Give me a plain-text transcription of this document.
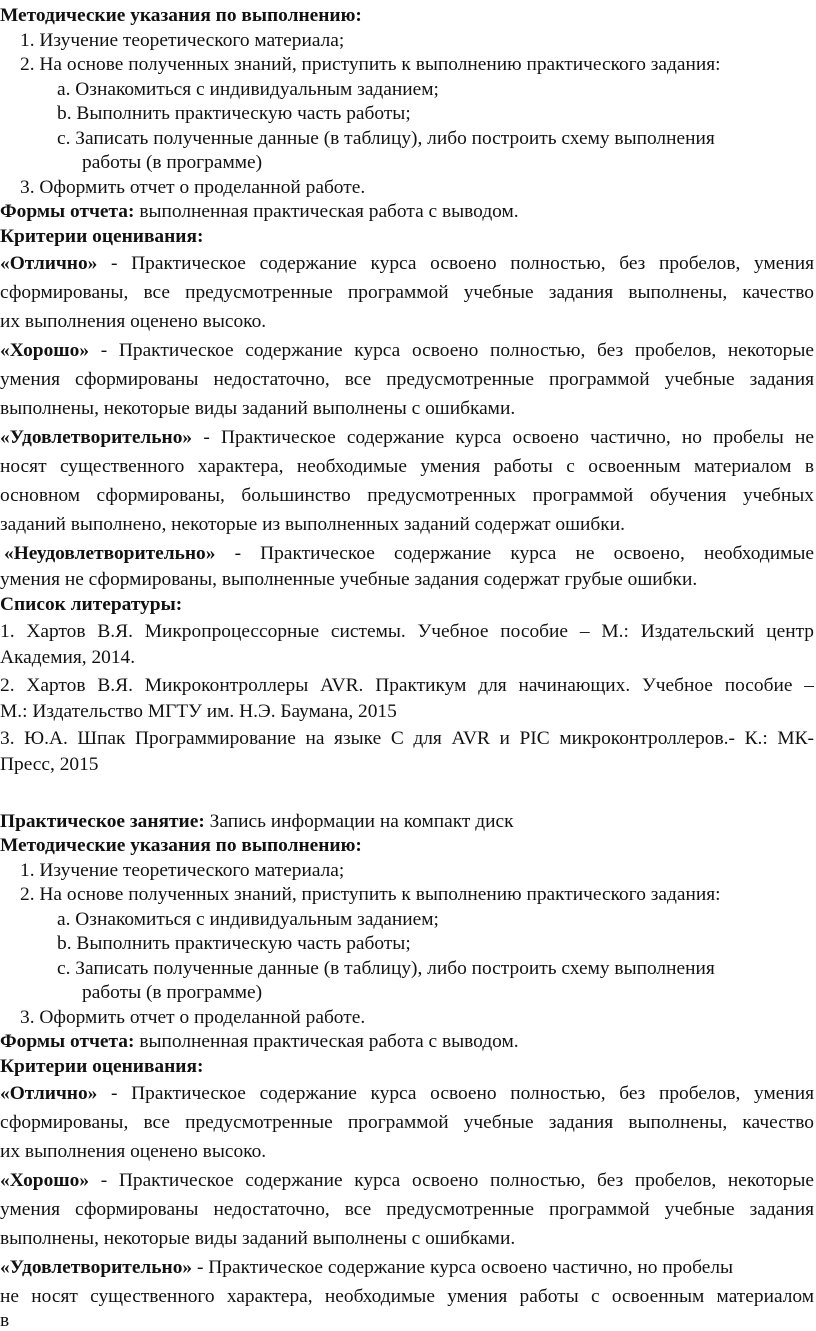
Методические указания по выполнению:

1. Изучение теоретического материала;

2. На основе полученных знаний, приступить к выполнению практического задания:

a. Ознакомиться с индивидуальным заданием;

b. Выполнить практическую часть работы;

c. Записать полученные данные (в таблицу), либо построить схему выполнения

работы (в программе)

3. Оформить отчет о проделанной работе.

Формы отчета: выполненная практическая работа с выводом.

Критерии оценивания:

«Отлично» - Практическое содержание курса освоено полностью, без пробелов, умения

сформированы, все предусмотренные программой учебные задания выполнены, качество

их выполнения оценено высоко.

«Хорошо» - Практическое содержание курса освоено полностью, без пробелов, некоторые

умения сформированы недостаточно, все предусмотренные программой учебные задания

выполнены, некоторые виды заданий выполнены с ошибками.

«Удовлетворительно» - Практическое содержание курса освоено частично, но пробелы не

носят существенного характера, необходимые умения работы с освоенным материалом в

основном сформированы, большинство предусмотренных программой обучения учебных

заданий выполнено, некоторые из выполненных заданий содержат ошибки.

«Неудовлетворительно» - Практическое содержание курса не освоено, необходимые

умения не сформированы, выполненные учебные задания содержат грубые ошибки.

Список литературы:

1. Хартов В.Я. Микропроцессорные системы. Учебное пособие – М.: Издательский центр

Академия, 2014.

2. Хартов В.Я. Микроконтроллеры AVR. Практикум для начинающих. Учебное пособие –

М.: Издательство МГТУ им. Н.Э. Баумана, 2015

3. Ю.А. Шпак Программирование на языке C для AVR и PIC микроконтроллеров.- К.: МК-

Пресс, 2015

Практическое занятие: Запись информации на компакт диск

Методические указания по выполнению:

1. Изучение теоретического материала;

2. На основе полученных знаний, приступить к выполнению практического задания:

a. Ознакомиться с индивидуальным заданием;

b. Выполнить практическую часть работы;

c. Записать полученные данные (в таблицу), либо построить схему выполнения

работы (в программе)

3. Оформить отчет о проделанной работе.

Формы отчета: выполненная практическая работа с выводом.

Критерии оценивания:

«Отлично» - Практическое содержание курса освоено полностью, без пробелов, умения

сформированы, все предусмотренные программой учебные задания выполнены, качество

их выполнения оценено высоко.

«Хорошо» - Практическое содержание курса освоено полностью, без пробелов, некоторые

умения сформированы недостаточно, все предусмотренные программой учебные задания

выполнены, некоторые виды заданий выполнены с ошибками.

«Удовлетворительно» - Практическое содержание курса освоено частично, но пробелы

не носят существенного характера, необходимые умения работы с освоенным материалом

в
